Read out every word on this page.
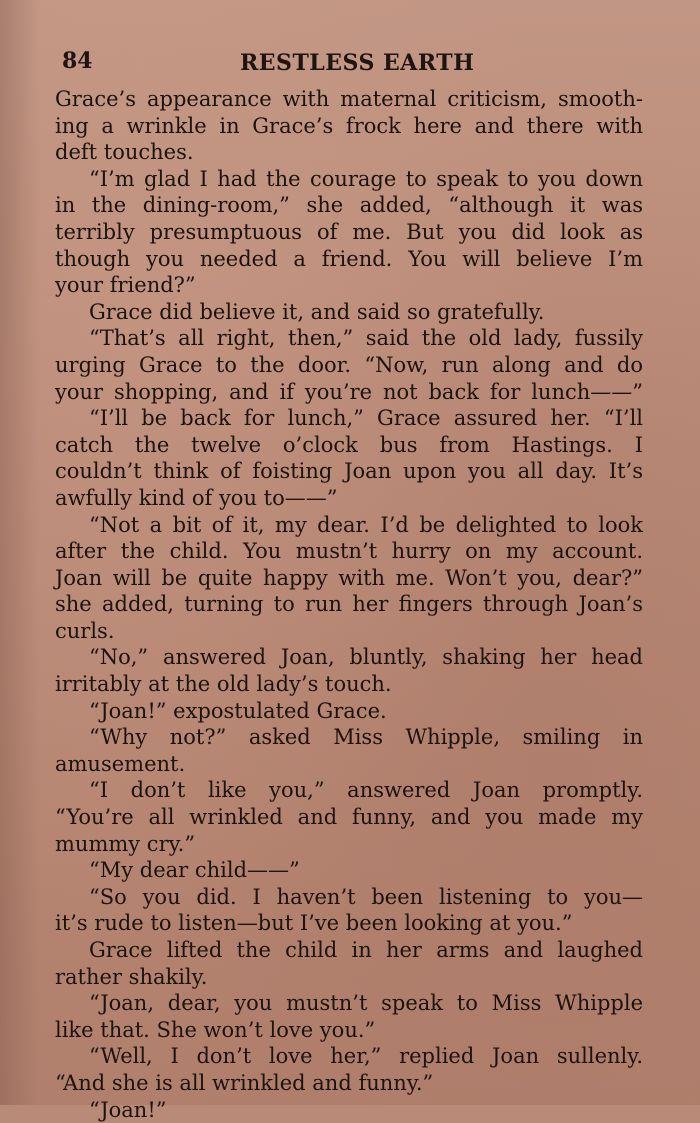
84	RESTLESS EARTH
Grace’s appearance with maternal criticism, smooth-
ing a wrinkle in Grace’s frock here and there with
deft touches.
“I’m glad I had the courage to speak to you down
in the dining-room,” she added, “although it was
terribly presumptuous of me. But you did look as
though you needed a friend. You will believe I’m
your friend?”
Grace did believe it, and said so gratefully.
“That’s all right, then,” said the old lady, fussily
urging Grace to the door. “Now, run along and do
your shopping, and if you’re not back for lunch——”
“I’ll be back for lunch,” Grace assured her. “I’ll
catch the twelve o’clock bus from Hastings. I
couldn’t think of foisting Joan upon you all day. It’s
awfully kind of you to——”
“Not a bit of it, my dear. I’d be delighted to look
after the child. You mustn’t hurry on my account.
Joan will be quite happy with me. Won’t you, dear?”
she added, turning to run her fingers through Joan’s
curls.
“No,” answered Joan, bluntly, shaking her head
irritably at the old lady’s touch.
“Joan!” expostulated Grace.
“Why not?” asked Miss Whipple, smiling in
amusement.
“I don’t like you,” answered Joan promptly.
“You’re all wrinkled and funny, and you made my
mummy cry.”
“My dear child——”
“So you did. I haven’t been listening to you—
it’s rude to listen—but I’ve been looking at you.”
Grace lifted the child in her arms and laughed
rather shakily.
“Joan, dear, you mustn’t speak to Miss Whipple
like that. She won’t love you.”
“Well, I don’t love her,” replied Joan sullenly.
“And she is all wrinkled and funny.”
“Joan!”
